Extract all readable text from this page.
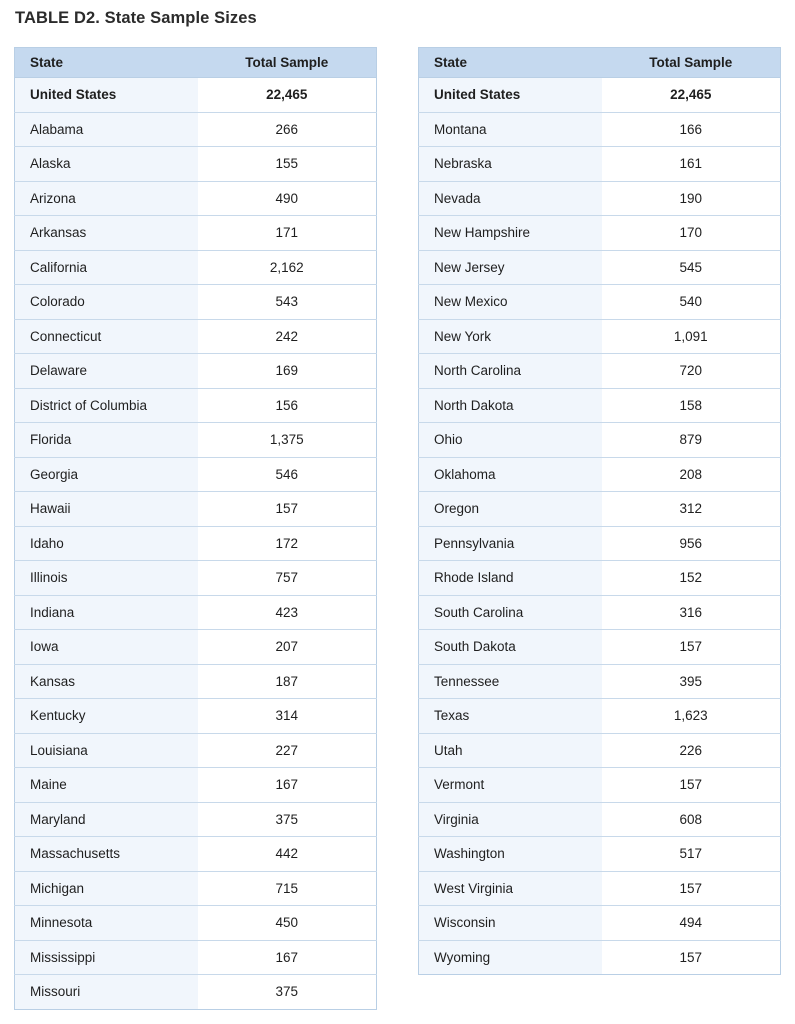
TABLE D2. State Sample Sizes
State	Total Sample
United States	22,465
Alabama	266
Alaska	155
Arizona	490
Arkansas	171
California	2,162
Colorado	543
Connecticut	242
Delaware	169
District of Columbia	156
Florida	1,375
Georgia	546
Hawaii	157
Idaho	172
Illinois	757
Indiana	423
Iowa	207
Kansas	187
Kentucky	314
Louisiana	227
Maine	167
Maryland	375
Massachusetts	442
Michigan	715
Minnesota	450
Mississippi	167
Missouri	375
State	Total Sample
United States	22,465
Montana	166
Nebraska	161
Nevada	190
New Hampshire	170
New Jersey	545
New Mexico	540
New York	1,091
North Carolina	720
North Dakota	158
Ohio	879
Oklahoma	208
Oregon	312
Pennsylvania	956
Rhode Island	152
South Carolina	316
South Dakota	157
Tennessee	395
Texas	1,623
Utah	226
Vermont	157
Virginia	608
Washington	517
West Virginia	157
Wisconsin	494
Wyoming	157
